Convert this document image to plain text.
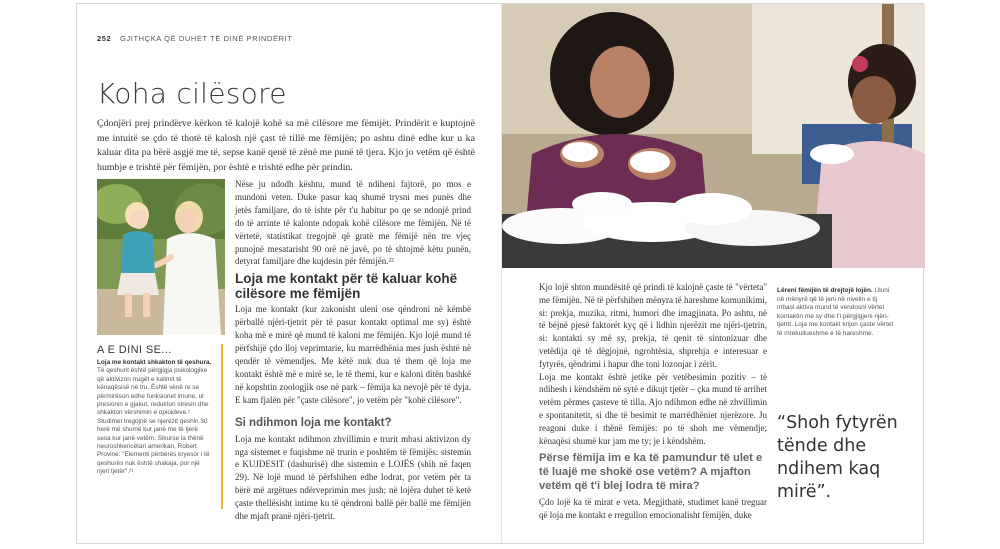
252 GJITHÇKA QË DUHET TË DINË PRINDËRIT
Koha cilësore

Çdonjëri prej prindërve kërkon të kalojë kohë sa më cilësore me fëmijët. Prindërit e kuptojnë me intuitë se çdo të thotë të kalosh një çast të tillë me fëmijën; po ashtu dinë edhe kur u ka kaluar dita pa bërë asgjë me të, sepse kanë qenë të zënë me punë të tjera. Kjo jo vetëm që është humbje e trishtë për fëmijën, por është e trishtë edhe për prindin.

A E DINI SE...
Loja me kontakt shkakton të qeshura.
Të qeshurit është përgjigja psikologjike që aktivizon rrugët e kalimit të kënaqësisë në tru. Është vënë re se përmirëson edhe funksionet imune, ul presionin e gjakut, redukton stresin dhe shkakton vërshimin e opioideve.¹ Studimet tregojnë se njerëzit qeshin 30 herë më shumë kur janë me të tjerë sesa kur janë vetëm. Sikurse la thënë neuroshkencëtari amerikan, Robert Provine: "Elementi përbërës kryesor i të qeshurës nuk është shakaja, por një njeri tjetër".²¹

Nëse ju ndodh kështu, mund të ndiheni fajtorë, po mos e mundoni veten. Duke pasur kaq shumë trysni mes punës dhe jetës familjare, do të ishte për t'u habitur po qe se ndonjë prind do të arrinte të kalonte ndopak kohë cilësore me fëmijën. Në të vërtetë, statistikat tregojnë që gratë me fëmijë nën tre vjeç punojnë mesatarisht 90 orë në javë, po të shtojmë këtu punën, detyrat familjare dhe kujdesin për fëmijën.²²

Loja me kontakt për të kaluar kohë cilësore me fëmijën

Loja me kontakt (kur zakonisht uleni ose qëndroni në këmbë përballë njëri-tjetrit për të pasur kontakt optimal me sy) është koha më e mirë që mund të kaloni me fëmijën. Kjo lojë mund të përfshijë çdo lloj veprimtarie, ku marrëdhënia mes jush është në qendër të vëmendjes. Me këtë nuk dua të them që loja me kontakt është më e mirë se, le të themi, kur e kaloni ditën bashkë në kopshtin zoologjik ose në park – fëmija ka nevojë për të dyja. E kam fjalën për "çaste cilësore", jo vetëm për "kohë cilësore".

Si ndihmon loja me kontakt?

Loja me kontakt ndihmon zhvillimin e trurit mbasi aktivizon dy nga sistemet e fuqishme në trurin e poshtëm të fëmijës: sistemin e KUJDESIT (dashurisë) dhe sistemin e LOJËS (shih në faqen 29). Në lojë mund të përfshihen edhe lodrat, por vetëm për ta bërë më argëtues ndërveprimin mes jush; në lojëra duhet të ketë çaste thellësisht intime ku të qëndroni ballë për ballë me fëmijën dhe mjaft pranë njëri-tjetrit.

Kjo lojë shton mundësitë që prindi të kalojnë çaste të "vërteta" me fëmijën. Në të përfshihen mënyra të hareshme komunikimi, si: prekja, muzika, ritmi, humori dhe imagjinata. Po ashtu, në të bëjnë pjesë faktorët kyç që i lidhin njerëzit me njëri-tjetrin, si: kontakti sy më sy, prekja, të qenit të sintonizuar dhe vetëdija që të dëgjojnë, ngrohtësia, shprehja e interesuar e fytyrës, qëndrimi i hapur dhe toni lozonjar i zërit.

Loja me kontakt është jetike për vetëbesimin pozitiv – të ndihesh i këndshëm në sytë e dikujt tjetër – çka mund të arrihet vetëm përmes çasteve të tilla. Ajo ndihmon edhe në zhvillimin e spontanitetit, si dhe të besimit te marrëdhëniet njerëzore. Ju reagoni duke i thënë fëmijës: po të shoh me vëmendje; kënaqësi shumë kur jam me ty; je i këndshëm.

Përse fëmija im e ka të pamundur të ulet e të luajë me shokë ose vetëm? A mjafton vetëm që t'i blej lodra të mira?

Çdo lojë ka të mirat e veta. Megjithatë, studimet kanë treguar që loja me kontakt e rregullon emocionalisht fëmijën, duke

Lëreni fëmijën të drejtojë lojën. Uluni në mënyrë që të jeni në nivelin e tij mbasi aktiva mund të vendosni vërtet kontaktin me sy dhe t'i përgjigjeni njëri-tjetrit. Loja me kontakt krijon çaste vërtet të mrekullueshme e të hareshme.
“Shoh fytyrën tënde dhe ndihem kaq mirë”.
